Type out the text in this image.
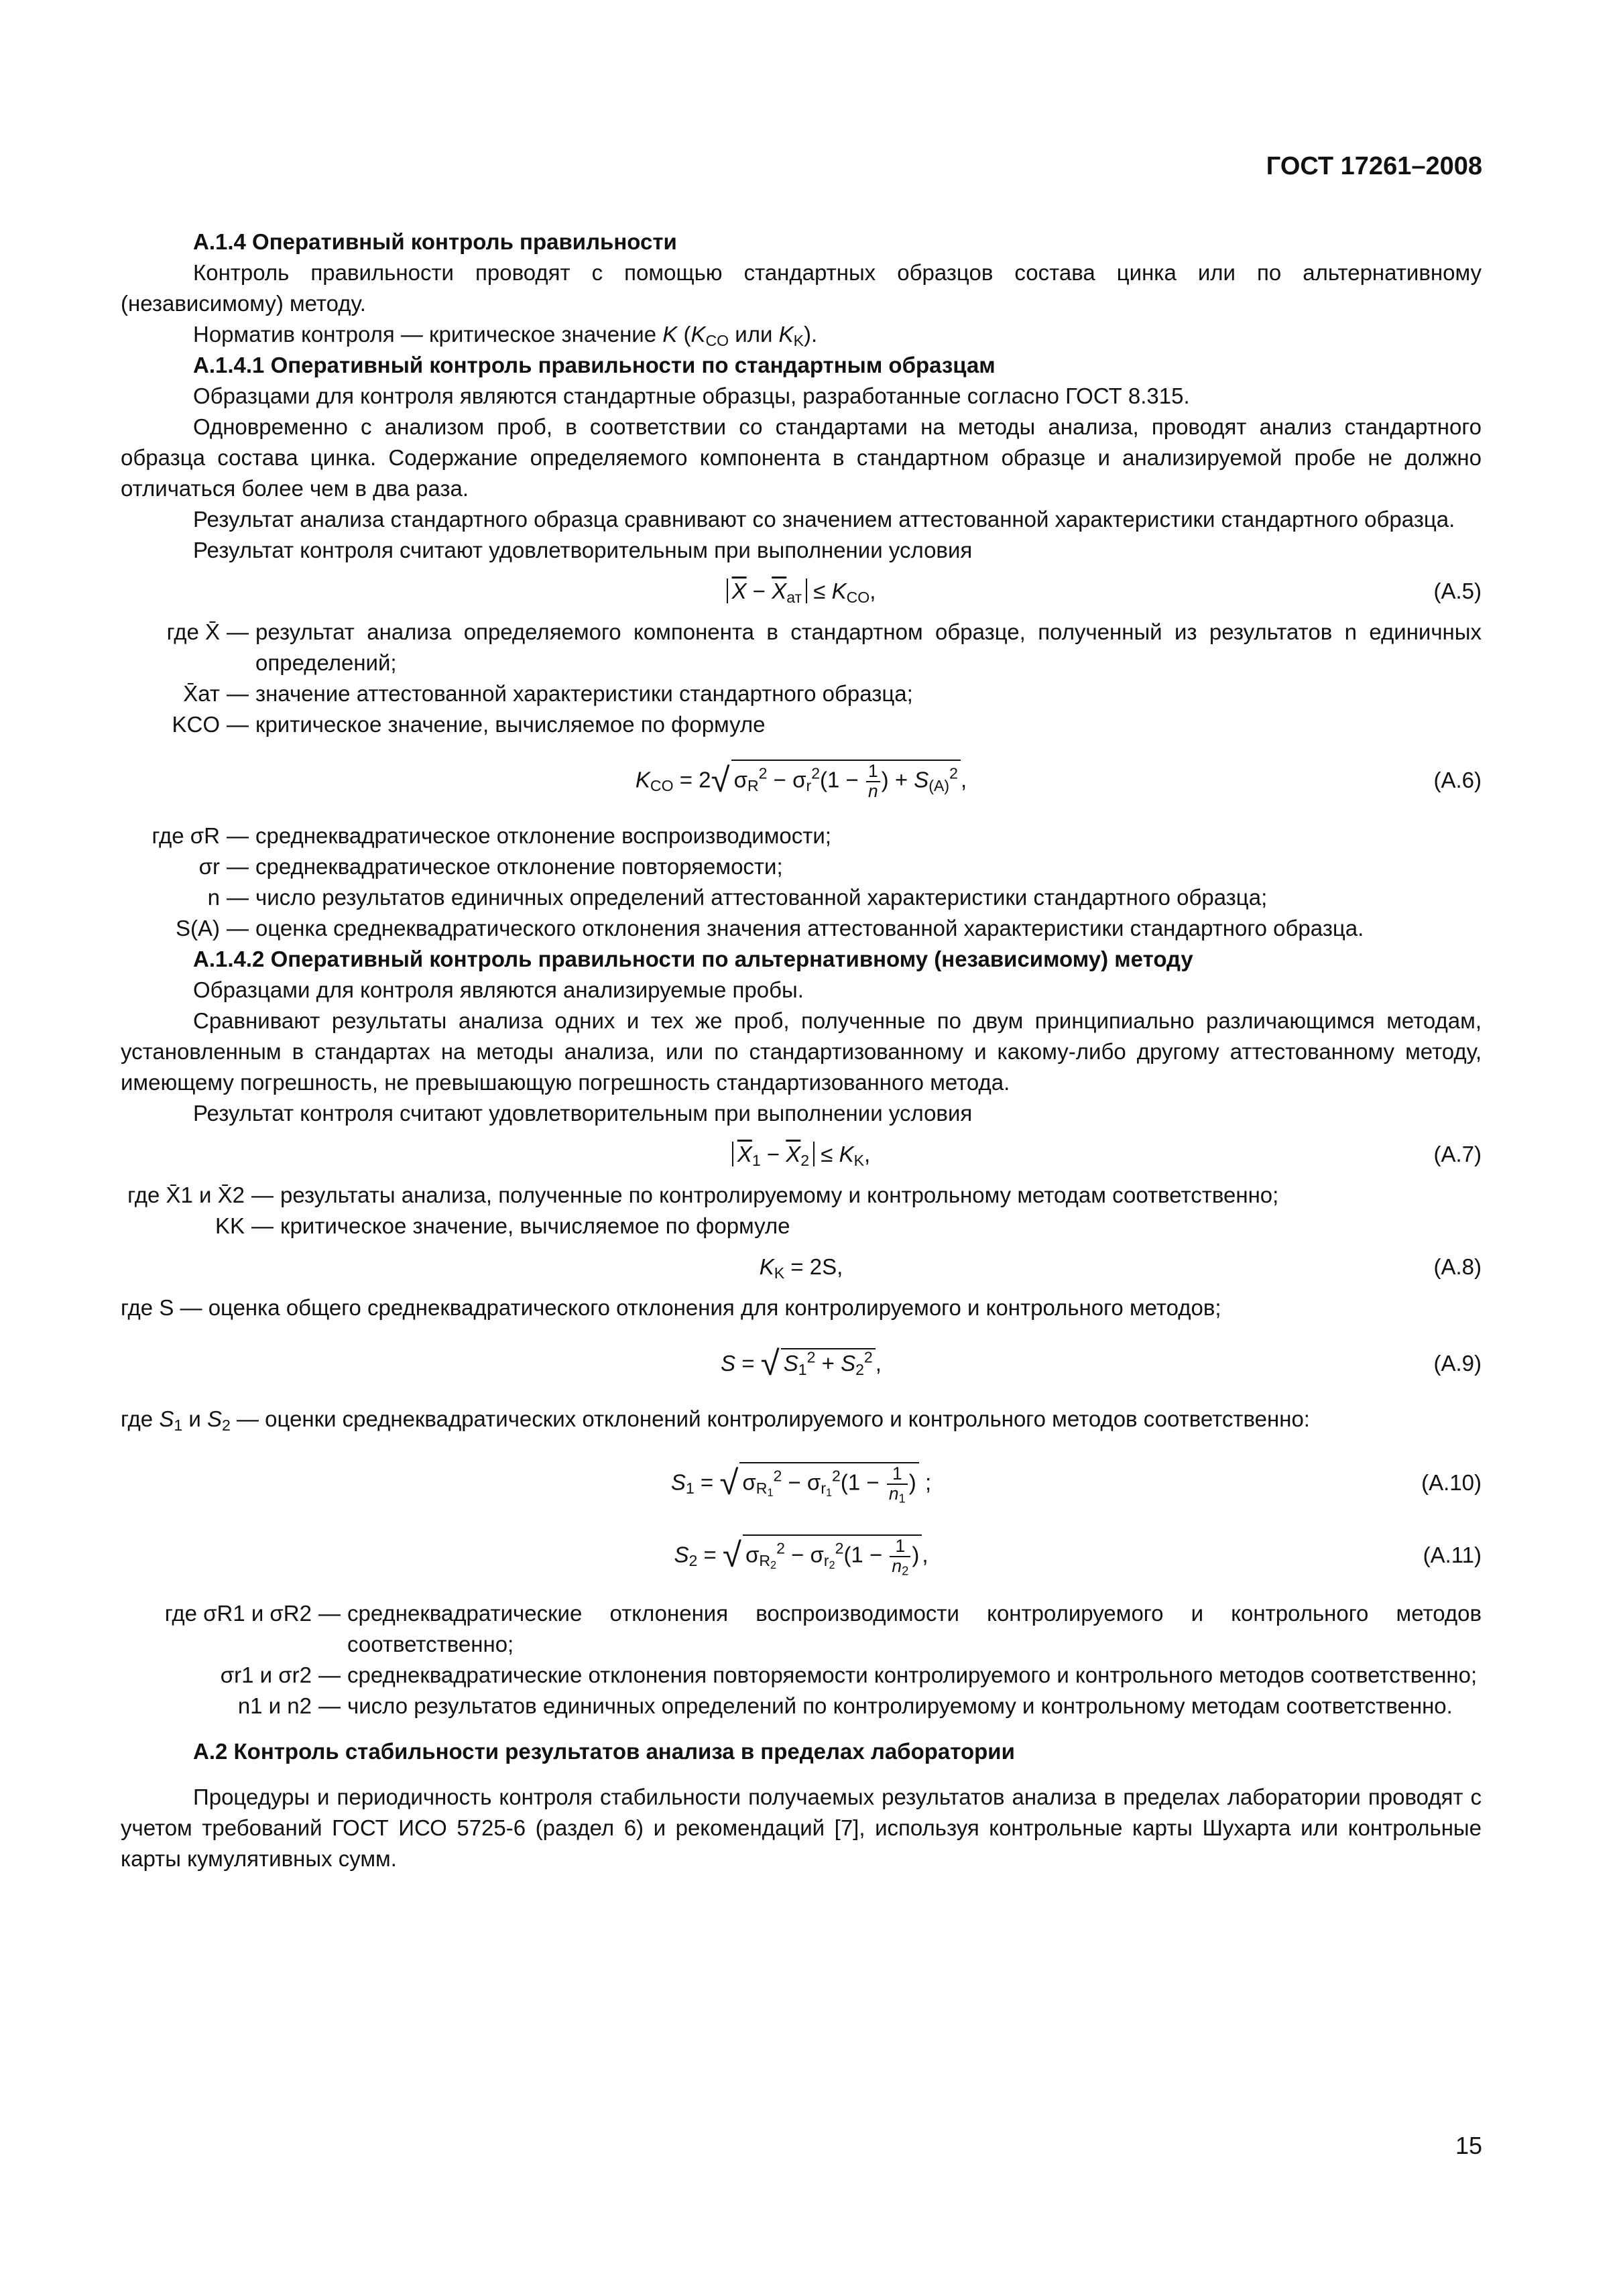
ГОСТ 17261–2008

А.1.4 Оперативный контроль правильности

Контроль правильности проводят с помощью стандартных образцов состава цинка или по альтернативному (независимому) методу.

Норматив контроля — критическое значение K ($K_{CO}$ или $K_K$).

А.1.4.1 Оперативный контроль правильности по стандартным образцам

Образцами для контроля являются стандартные образцы, разработанные согласно ГОСТ 8.315.

Одновременно с анализом проб, в соответствии со стандартами на методы анализа, проводят анализ стандартного образца состава цинка. Содержание определяемого компонента в стандартном образце и анализируемой пробе не должно отличаться более чем в два раза.

Результат анализа стандартного образца сравнивают со значением аттестованной характеристики стандартного образца.

Результат контроля считают удовлетворительным при выполнении условия

$\overline{X} - \overline{X}_{ат} \le K_{CO}$,	(А.5)
где X̄ — результат анализа определяемого компонента в стандартном образце, полученный из результатов n единичных определений;
X̄ат — значение аттестованной характеристики стандартного образца;
KCO — критическое значение, вычисляемое по формуле
$K_{CO} = 2√$ $\sigma_R^2 - \sigma_r^2(1 - \frac{1}{n}$ ) + $S_{(А)}^2$ ,	(А.6)
где σR — среднеквадратическое отклонение воспроизводимости;
σr — среднеквадратическое отклонение повторяемости;
n — число результатов единичных определений аттестованной характеристики стандартного образца;
S(А) — оценка среднеквадратического отклонения значения аттестованной характеристики стандартного образца.

А.1.4.2 Оперативный контроль правильности по альтернативному (независимому) методу

Образцами для контроля являются анализируемые пробы.

Сравнивают результаты анализа одних и тех же проб, полученные по двум принципиально различающимся методам, установленным в стандартах на методы анализа, или по стандартизованному и какому-либо другому аттестованному методу, имеющему погрешность, не превышающую погрешность стандартизованного метода.

Результат контроля считают удовлетворительным при выполнении условия

$\overline{X}_1 - \overline{X}_2 \le K_K$,	(А.7)
где X̄1 и X̄2 — результаты анализа, полученные по контролируемому и контрольному методам соответственно;
KK — критическое значение, вычисляемое по формуле
$K_K = 2S$,	(А.8)
где S — оценка общего среднеквадратического отклонения для контролируемого и контрольного методов;
S = √ $S_1^2 + S_2^2$ ,	(А.9)

где $S_1$ и $S_2$ — оценки среднеквадратических отклонений контролируемого и контрольного методов соответственно:

$S_1$ = √ $\sigma_{R_1}^2 - \sigma_{r_1}^2(1 - \frac{1}{n_1}$ ) ;	(А.10)
$S_2$ = √ $\sigma_{R_2}^2 - \sigma_{r_2}^2(1 - \frac{1}{n_2}$ ) ,	(А.11)
где σR1 и σR2 — среднеквадратические отклонения воспроизводимости контролируемого и контрольного методов соответственно;
σr1 и σr2 — среднеквадратические отклонения повторяемости контролируемого и контрольного методов соответственно;
n1 и n2 — число результатов единичных определений по контролируемому и контрольному методам соответственно.

А.2 Контроль стабильности результатов анализа в пределах лаборатории

Процедуры и периодичность контроля стабильности получаемых результатов анализа в пределах лаборатории проводят с учетом требований ГОСТ ИСО 5725-6 (раздел 6) и рекомендаций [7], используя контрольные карты Шухарта или контрольные карты кумулятивных сумм.

15
